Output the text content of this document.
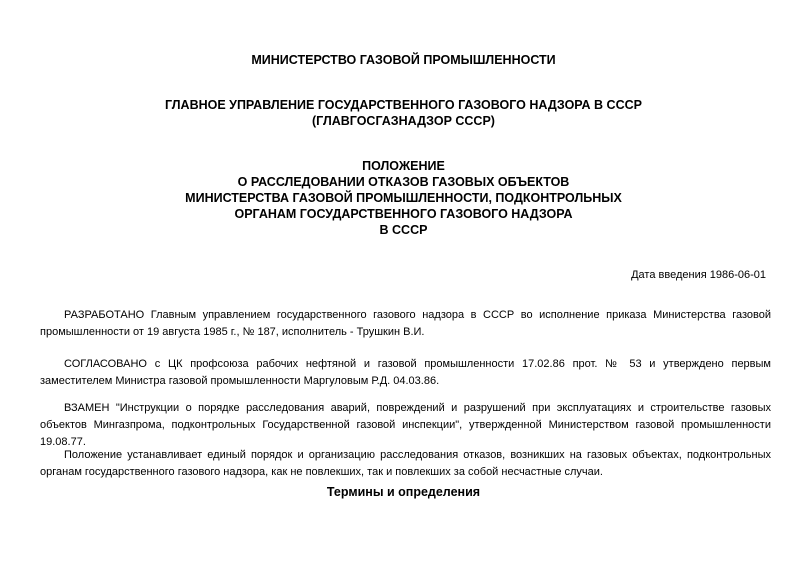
МИНИСТЕРСТВО ГАЗОВОЙ ПРОМЫШЛЕННОСТИ
ГЛАВНОЕ УПРАВЛЕНИЕ ГОСУДАРСТВЕННОГО ГАЗОВОГО НАДЗОРА В СССР
(ГЛАВГОСГАЗНАДЗОР СССР)
ПОЛОЖЕНИЕ
О РАССЛЕДОВАНИИ ОТКАЗОВ ГАЗОВЫХ ОБЪЕКТОВ
МИНИСТЕРСТВА ГАЗОВОЙ ПРОМЫШЛЕННОСТИ, ПОДКОНТРОЛЬНЫХ
ОРГАНАМ ГОСУДАРСТВЕННОГО ГАЗОВОГО НАДЗОРА
В СССР
Дата введения 1986-06-01

РАЗРАБОТАНО Главным управлением государственного газового надзора в СССР во исполнение приказа Министерства газовой промышленности от 19 августа 1985 г., № 187, исполнитель - Трушкин В.И.

СОГЛАСОВАНО с ЦК профсоюза рабочих нефтяной и газовой промышленности 17.02.86 прот. № 53 и утверждено первым заместителем Министра газовой промышленности Маргуловым Р.Д. 04.03.86.

ВЗАМЕН "Инструкции о порядке расследования аварий, повреждений и разрушений при эксплуатациях и строительстве газовых объектов Мингазпрома, подконтрольных Государственной газовой инспекции", утвержденной Министерством газовой промышленности 19.08.77.

Положение устанавливает единый порядок и организацию расследования отказов, возникших на газовых объектах, подконтрольных органам государственного газового надзора, как не повлекших, так и повлекших за собой несчастные случаи.

Термины и определения
